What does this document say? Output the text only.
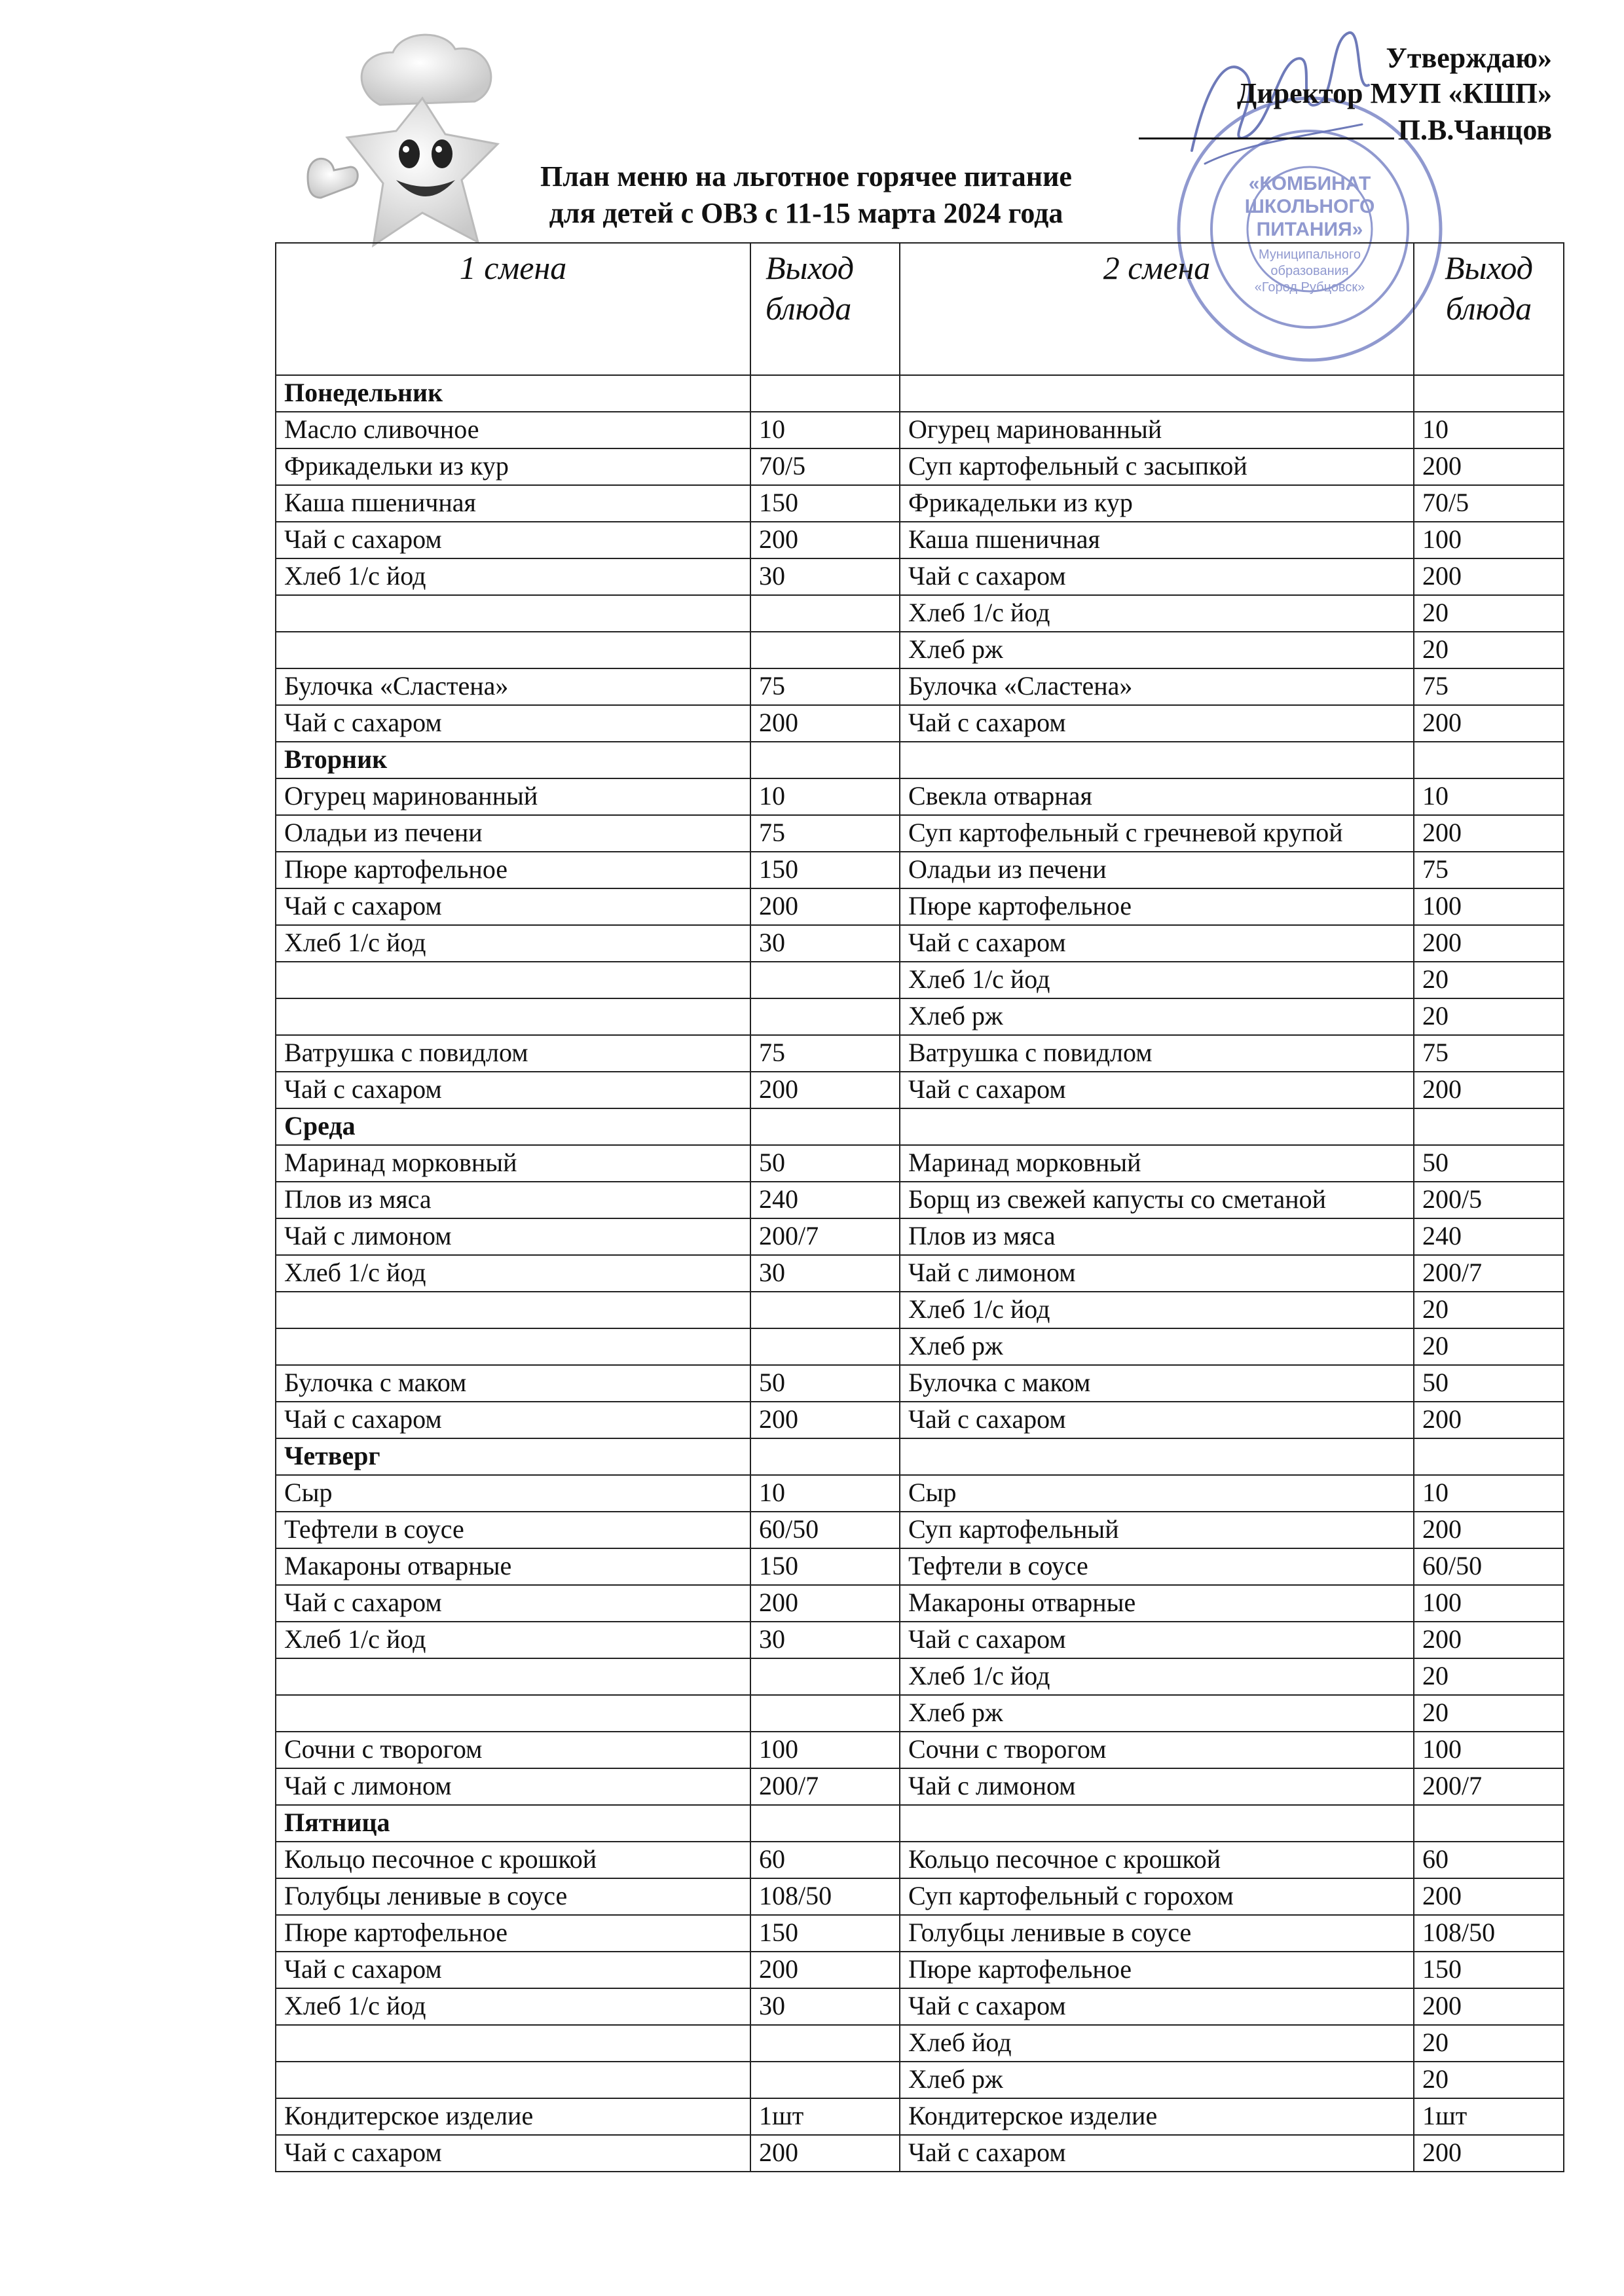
«КОМБИНАТ
ШКОЛЬНОГО
ПИТАНИЯ»
Муниципального
образования
«Город Рубцовск»
Утверждаю»
Директор МУП «КШП»
П.В.Чанцов
План меню на льготное горячее питание
для детей с ОВЗ с 11-15 марта 2024 года
1 смена	Выход блюда	2 смена	Выход блюда
Понедельник			
Масло сливочное	10	Огурец маринованный	10
Фрикадельки из кур	70/5	Суп картофельный с засыпкой	200
Каша пшеничная	150	Фрикадельки из кур	70/5
Чай с сахаром	200	Каша пшеничная	100
Хлеб 1/с йод	30	Чай с сахаром	200
		Хлеб 1/с йод	20
		Хлеб рж	20
Булочка «Сластена»	75	Булочка «Сластена»	75
Чай с сахаром	200	Чай с сахаром	200
Вторник			
Огурец маринованный	10	Свекла отварная	10
Оладьи из печени	75	Суп картофельный с гречневой крупой	200
Пюре картофельное	150	Оладьи из печени	75
Чай с сахаром	200	Пюре картофельное	100
Хлеб 1/с йод	30	Чай с сахаром	200
		Хлеб 1/с йод	20
		Хлеб рж	20
Ватрушка с повидлом	75	Ватрушка с повидлом	75
Чай с сахаром	200	Чай с сахаром	200
Среда			
Маринад морковный	50	Маринад морковный	50
Плов из мяса	240	Борщ из свежей капусты со сметаной	200/5
Чай с лимоном	200/7	Плов из мяса	240
Хлеб 1/с йод	30	Чай с лимоном	200/7
		Хлеб 1/с йод	20
		Хлеб рж	20
Булочка с маком	50	Булочка с маком	50
Чай с сахаром	200	Чай с сахаром	200
Четверг			
Сыр	10	Сыр	10
Тефтели в соусе	60/50	Суп картофельный	200
Макароны отварные	150	Тефтели в соусе	60/50
Чай с сахаром	200	Макароны отварные	100
Хлеб 1/с йод	30	Чай с сахаром	200
		Хлеб 1/с йод	20
		Хлеб рж	20
Сочни с творогом	100	Сочни с творогом	100
Чай с лимоном	200/7	Чай с лимоном	200/7
Пятница			
Кольцо песочное с крошкой	60	Кольцо песочное с крошкой	60
Голубцы ленивые в соусе	108/50	Суп картофельный с горохом	200
Пюре картофельное	150	Голубцы ленивые в соусе	108/50
Чай с сахаром	200	Пюре картофельное	150
Хлеб 1/с йод	30	Чай с сахаром	200
		Хлеб йод	20
		Хлеб рж	20
Кондитерское изделие	1шт	Кондитерское изделие	1шт
Чай с сахаром	200	Чай с сахаром	200
